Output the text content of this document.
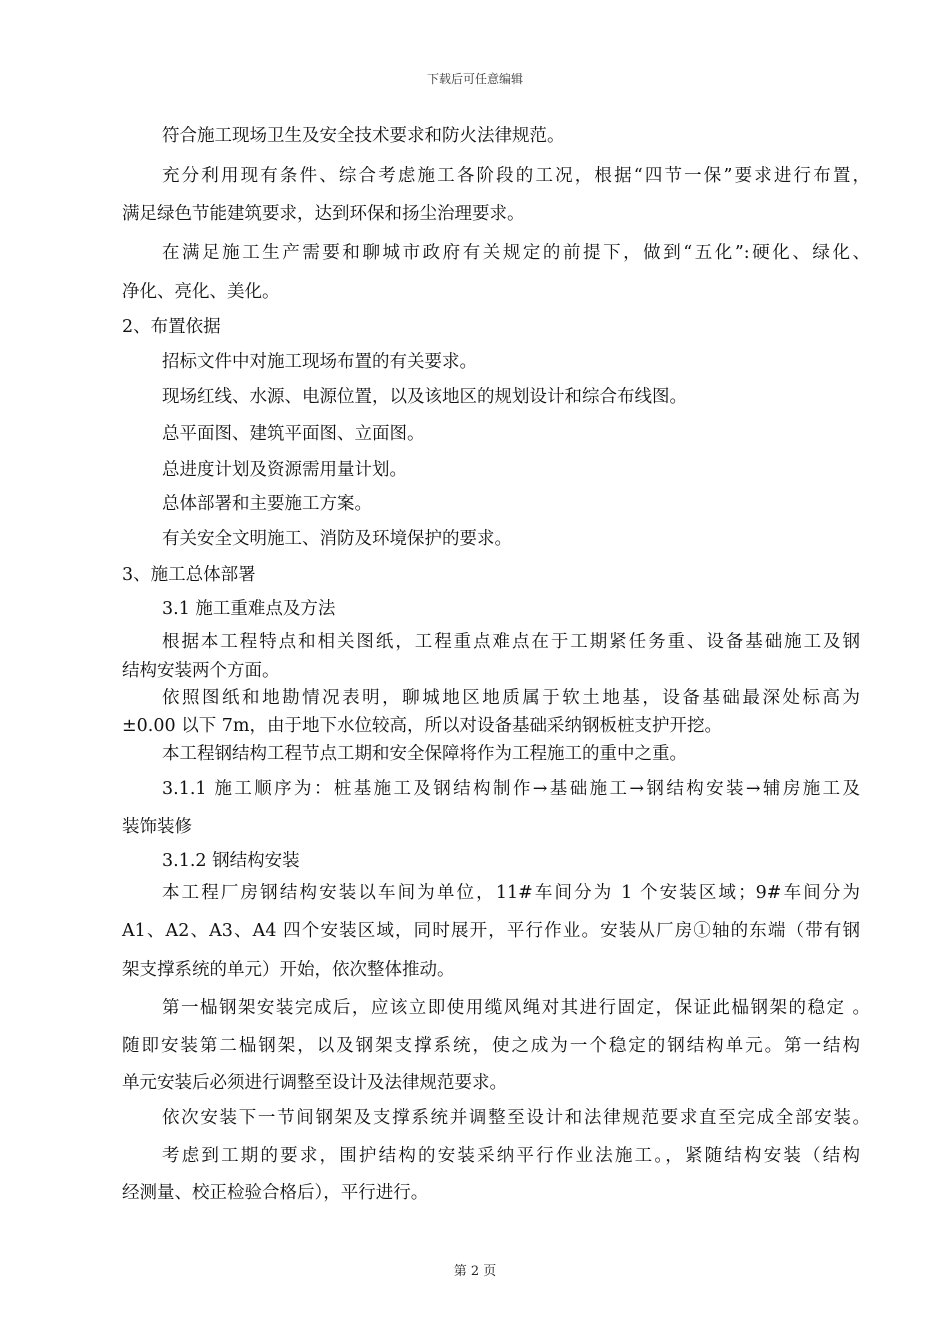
下载后可任意编辑
符合施工现场卫生及安全技术要求和防火法律规范。
充分利用现有条件、综合考虑施工各阶段的工况，根据“四节一保”要求进行布置，
满足绿色节能建筑要求，达到环保和扬尘治理要求。
在满足施工生产需要和聊城市政府有关规定的前提下，做到“五化”:硬化、绿化、
净化、亮化、美化。
2、布置依据
招标文件中对施工现场布置的有关要求。
现场红线、水源、电源位置，以及该地区的规划设计和综合布线图。
总平面图、建筑平面图、立面图。
总进度计划及资源需用量计划。
总体部署和主要施工方案。
有关安全文明施工、消防及环境保护的要求。
3、施工总体部署
3.1 施工重难点及方法
根据本工程特点和相关图纸，工程重点难点在于工期紧任务重、设备基础施工及钢
结构安装两个方面。
依照图纸和地勘情况表明，聊城地区地质属于软土地基，设备基础最深处标高为
±0.00 以下 7m，由于地下水位较高，所以对设备基础采纳钢板桩支护开挖。
本工程钢结构工程节点工期和安全保障将作为工程施工的重中之重。
3.1.1 施工顺序为：桩基施工及钢结构制作→基础施工→钢结构安装→辅房施工及
装饰装修
3.1.2 钢结构安装
本工程厂房钢结构安装以车间为单位，11#车间分为 1 个安装区域；9#车间分为
A1、A2、A3、A4 四个安装区域，同时展开，平行作业。安装从厂房①轴的东端（带有钢
架支撑系统的单元）开始，依次整体推动。
第一榀钢架安装完成后，应该立即使用缆风绳对其进行固定，保证此榀钢架的稳定 。
随即安装第二榀钢架，以及钢架支撑系统，使之成为一个稳定的钢结构单元。第一结构
单元安装后必须进行调整至设计及法律规范要求。
依次安装下一节间钢架及支撑系统并调整至设计和法律规范要求直至完成全部安装。
考虑到工期的要求，围护结构的安装采纳平行作业法施工。，紧随结构安装（结构
经测量、校正检验合格后），平行进行。
第 2 页
